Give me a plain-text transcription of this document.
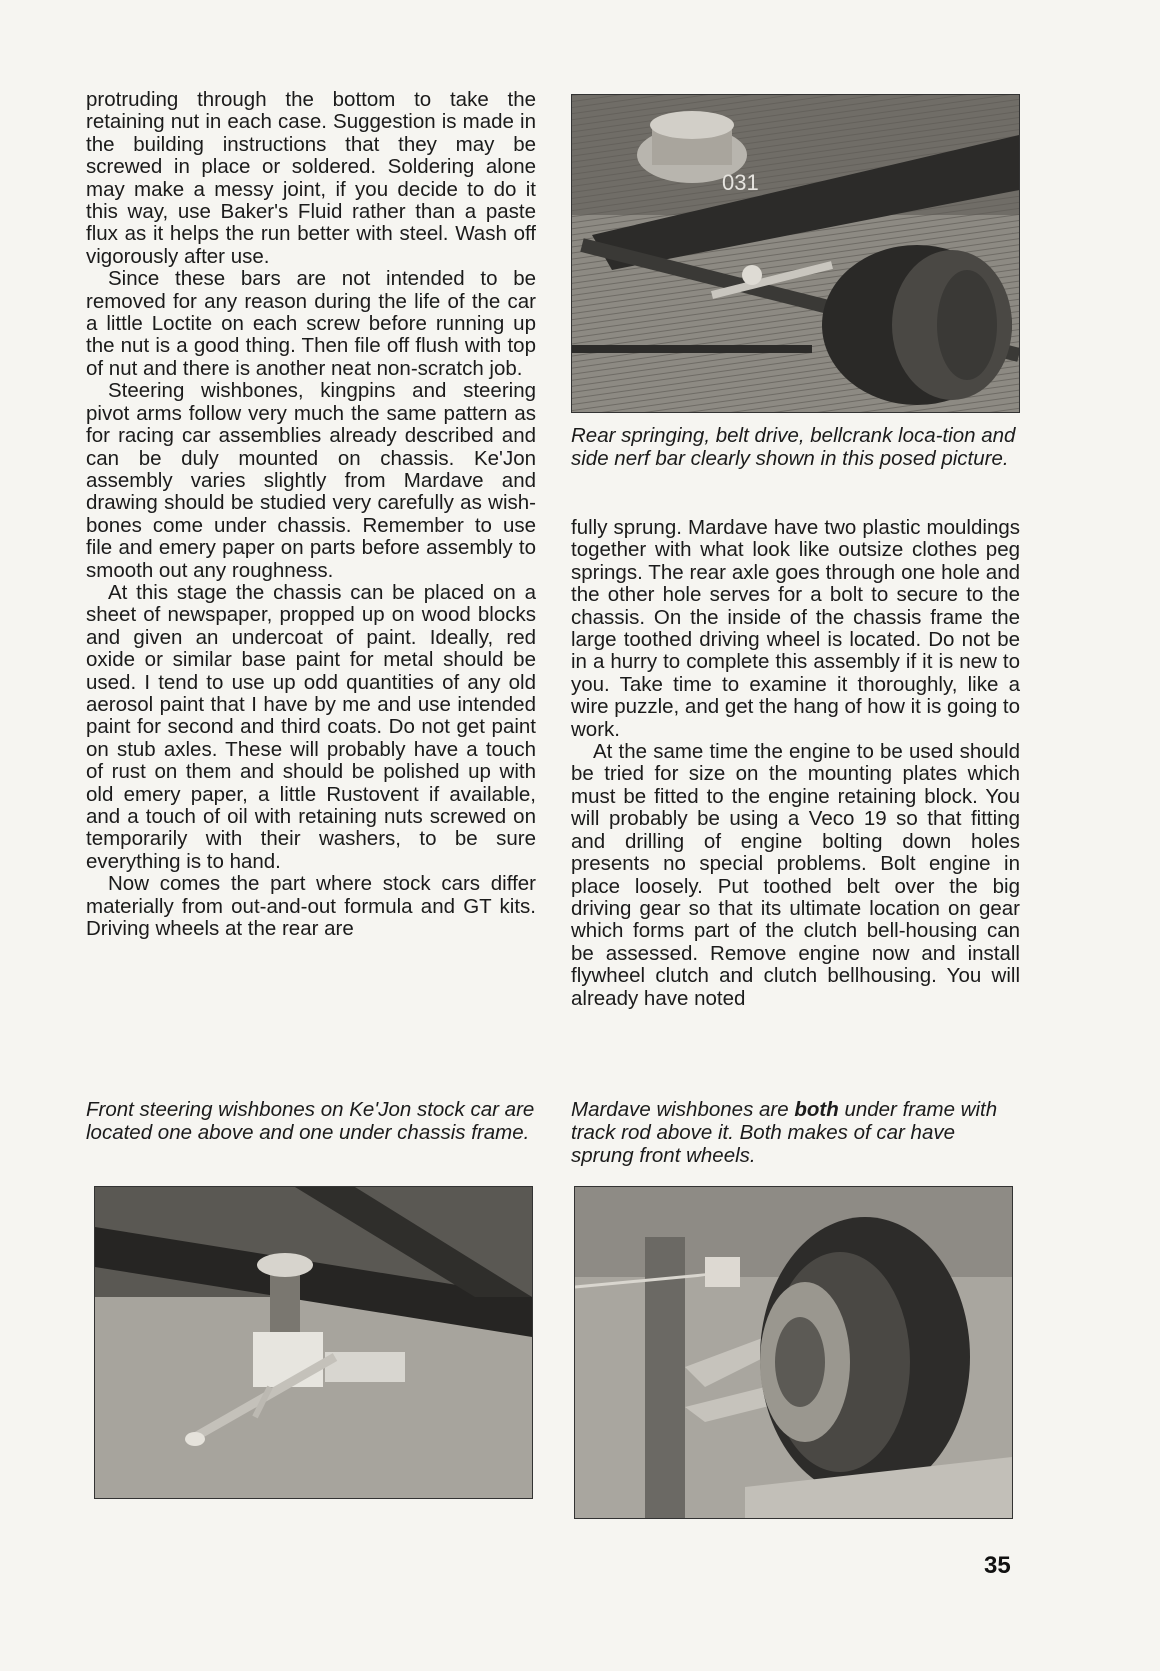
031

protruding through the bottom to take the retaining nut in each case. Suggestion is made in the building instructions that they may be screwed in place or soldered. Soldering alone may make a messy joint, if you decide to do it this way, use Baker's Fluid rather than a paste flux as it helps the run better with steel. Wash off vigorously after use.

Since these bars are not intended to be removed for any reason during the life of the car a little Loctite on each screw before running up the nut is a good thing. Then file off flush with top of nut and there is another neat non-scratch job.

Steering wishbones, kingpins and steering pivot arms follow very much the same pattern as for racing car assemblies already described and can be duly mounted on chassis. Ke'Jon assembly varies slightly from Mardave and drawing should be studied very carefully as wish-bones come under chassis. Remember to use file and emery paper on parts before assembly to smooth out any roughness.

At this stage the chassis can be placed on a sheet of newspaper, propped up on wood blocks and given an undercoat of paint. Ideally, red oxide or similar base paint for metal should be used. I tend to use up odd quantities of any old aerosol paint that I have by me and use intended paint for second and third coats. Do not get paint on stub axles. These will probably have a touch of rust on them and should be polished up with old emery paper, a little Rustovent if available, and a touch of oil with retaining nuts screwed on temporarily with their washers, to be sure everything is to hand.

Now comes the part where stock cars differ materially from out-and-out formula and GT kits. Driving wheels at the rear are

Rear springing, belt drive, bellcrank loca-tion and side nerf bar clearly shown in this posed picture.

fully sprung. Mardave have two plastic mouldings together with what look like outsize clothes peg springs. The rear axle goes through one hole and the other hole serves for a bolt to secure to the chassis. On the inside of the chassis frame the large toothed driving wheel is located. Do not be in a hurry to complete this assembly if it is new to you. Take time to examine it thoroughly, like a wire puzzle, and get the hang of how it is going to work.

At the same time the engine to be used should be tried for size on the mounting plates which must be fitted to the engine retaining block. You will probably be using a Veco 19 so that fitting and drilling of engine bolting down holes presents no special problems. Bolt engine in place loosely. Put toothed belt over the big driving gear so that its ultimate location on gear which forms part of the clutch bell-housing can be assessed. Remove engine now and install flywheel clutch and clutch bellhousing. You will already have noted

Front steering wishbones on Ke'Jon stock car are located one above and one under chassis frame.

Mardave wishbones are both under frame with track rod above it. Both makes of car have sprung front wheels.

35
